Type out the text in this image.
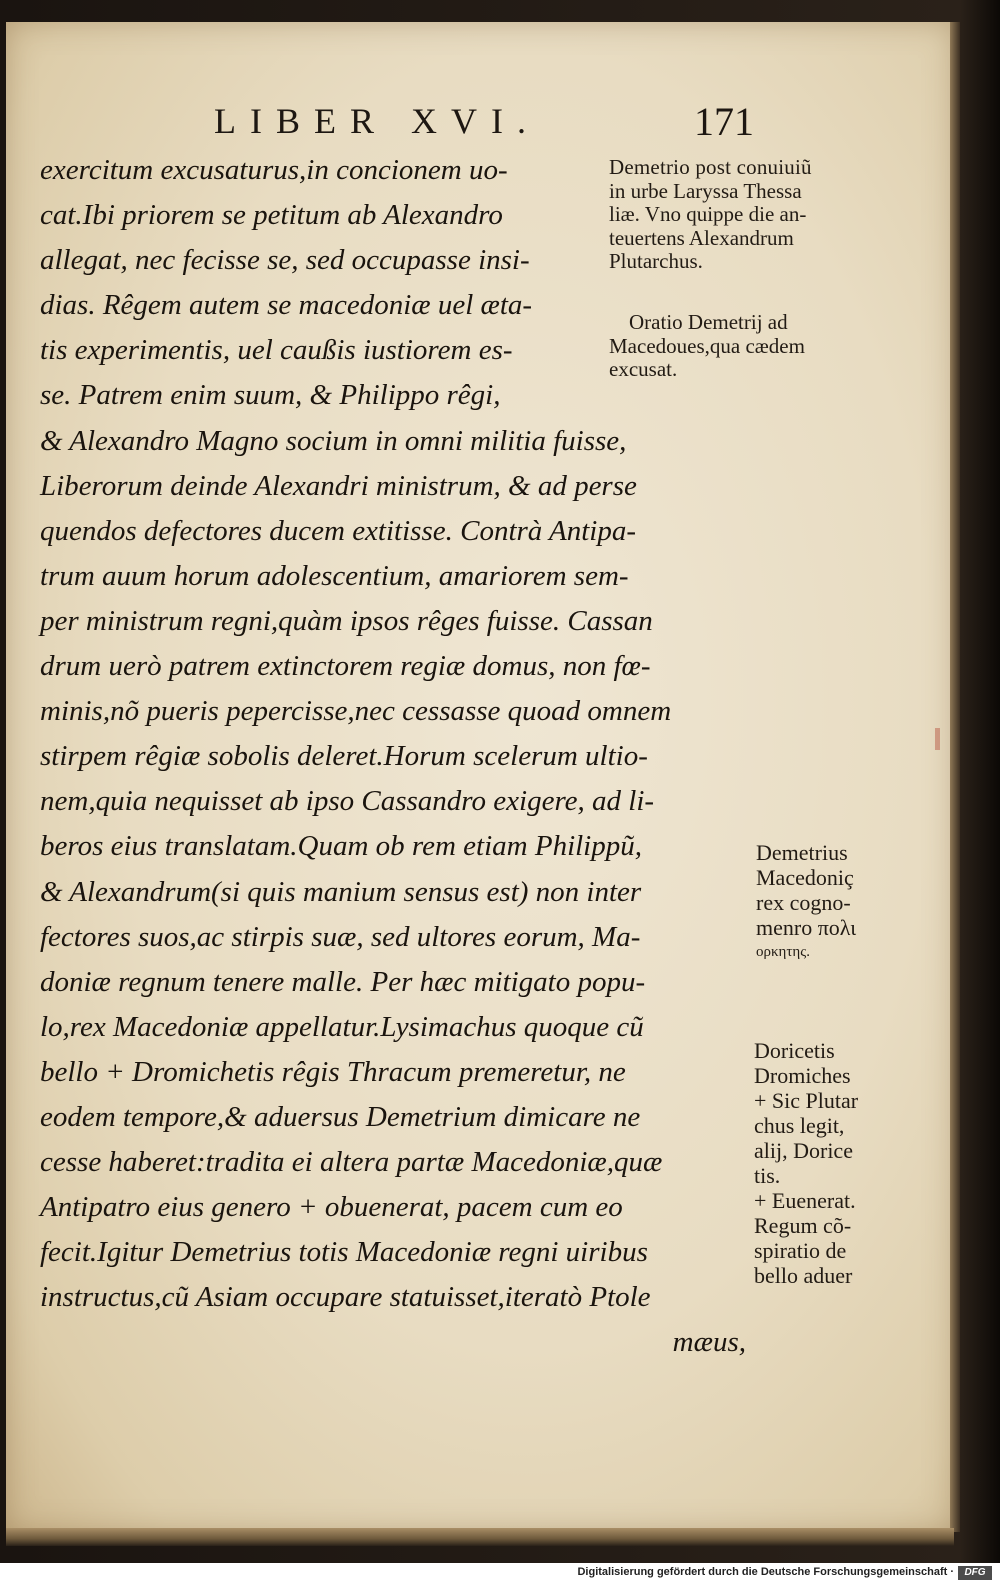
LIBER XVI.	171
exercitum excusaturus,in concionem uo-
cat.Ibi priorem se petitum ab Alexandro
allegat, nec fecisse se, sed occupasse insi-
dias. Rêgem autem se macedoniæ uel æta-
tis experimentis, uel caußis iustiorem es-
se. Patrem enim suum, & Philippo rêgi,
& Alexandro Magno socium in omni militia fuisse,
Liberorum deinde Alexandri ministrum, & ad perse
quendos defectores ducem extitisse. Contrà Antipa-
trum auum horum adolescentium, amariorem sem-
per ministrum regni,quàm ipsos rêges fuisse. Cassan
drum uerò patrem extinctorem regiæ domus, non fœ-
minis,nõ pueris pepercisse,nec cessasse quoad omnem
stirpem rêgiæ sobolis deleret.Horum scelerum ultio-
nem,quia nequisset ab ipso Cassandro exigere, ad li-
beros eius translatam.Quam ob rem etiam Philippũ,
& Alexandrum(si quis manium sensus est) non inter
fectores suos,ac stirpis suæ, sed ultores eorum, Ma-
doniæ regnum tenere malle. Per hæc mitigato popu-
lo,rex Macedoniæ appellatur.Lysimachus quoque cũ
bello + Dromichetis rêgis Thracum premeretur, ne
eodem tempore,& aduersus Demetrium dimicare ne
cesse haberet:tradita ei altera partæ Macedoniæ,quæ
Antipatro eius genero + obuenerat, pacem cum eo
fecit.Igitur Demetrius totis Macedoniæ regni uiribus
instructus,cũ Asiam occupare statuisset,iteratò Ptole
mæus,
Demetrio post conuiuiũ
in urbe Laryssa Thessa
liæ. Vno quippe die an-
teuertens Alexandrum
Plutarchus.
Oratio Demetrij ad
Macedoues,qua cædem
excusat.
Demetrius
Macedoniç
rex cogno-
menro πολι
ορκητης.
Doricetis
Dromiches
+ Sic Plutar
chus legit,
alij, Dorice
tis.
+ Euenerat.
Regum cõ-
spiratio de
bello aduer
Digitalisierung gefördert durch die Deutsche Forschungsgemeinschaft ·	DFG
